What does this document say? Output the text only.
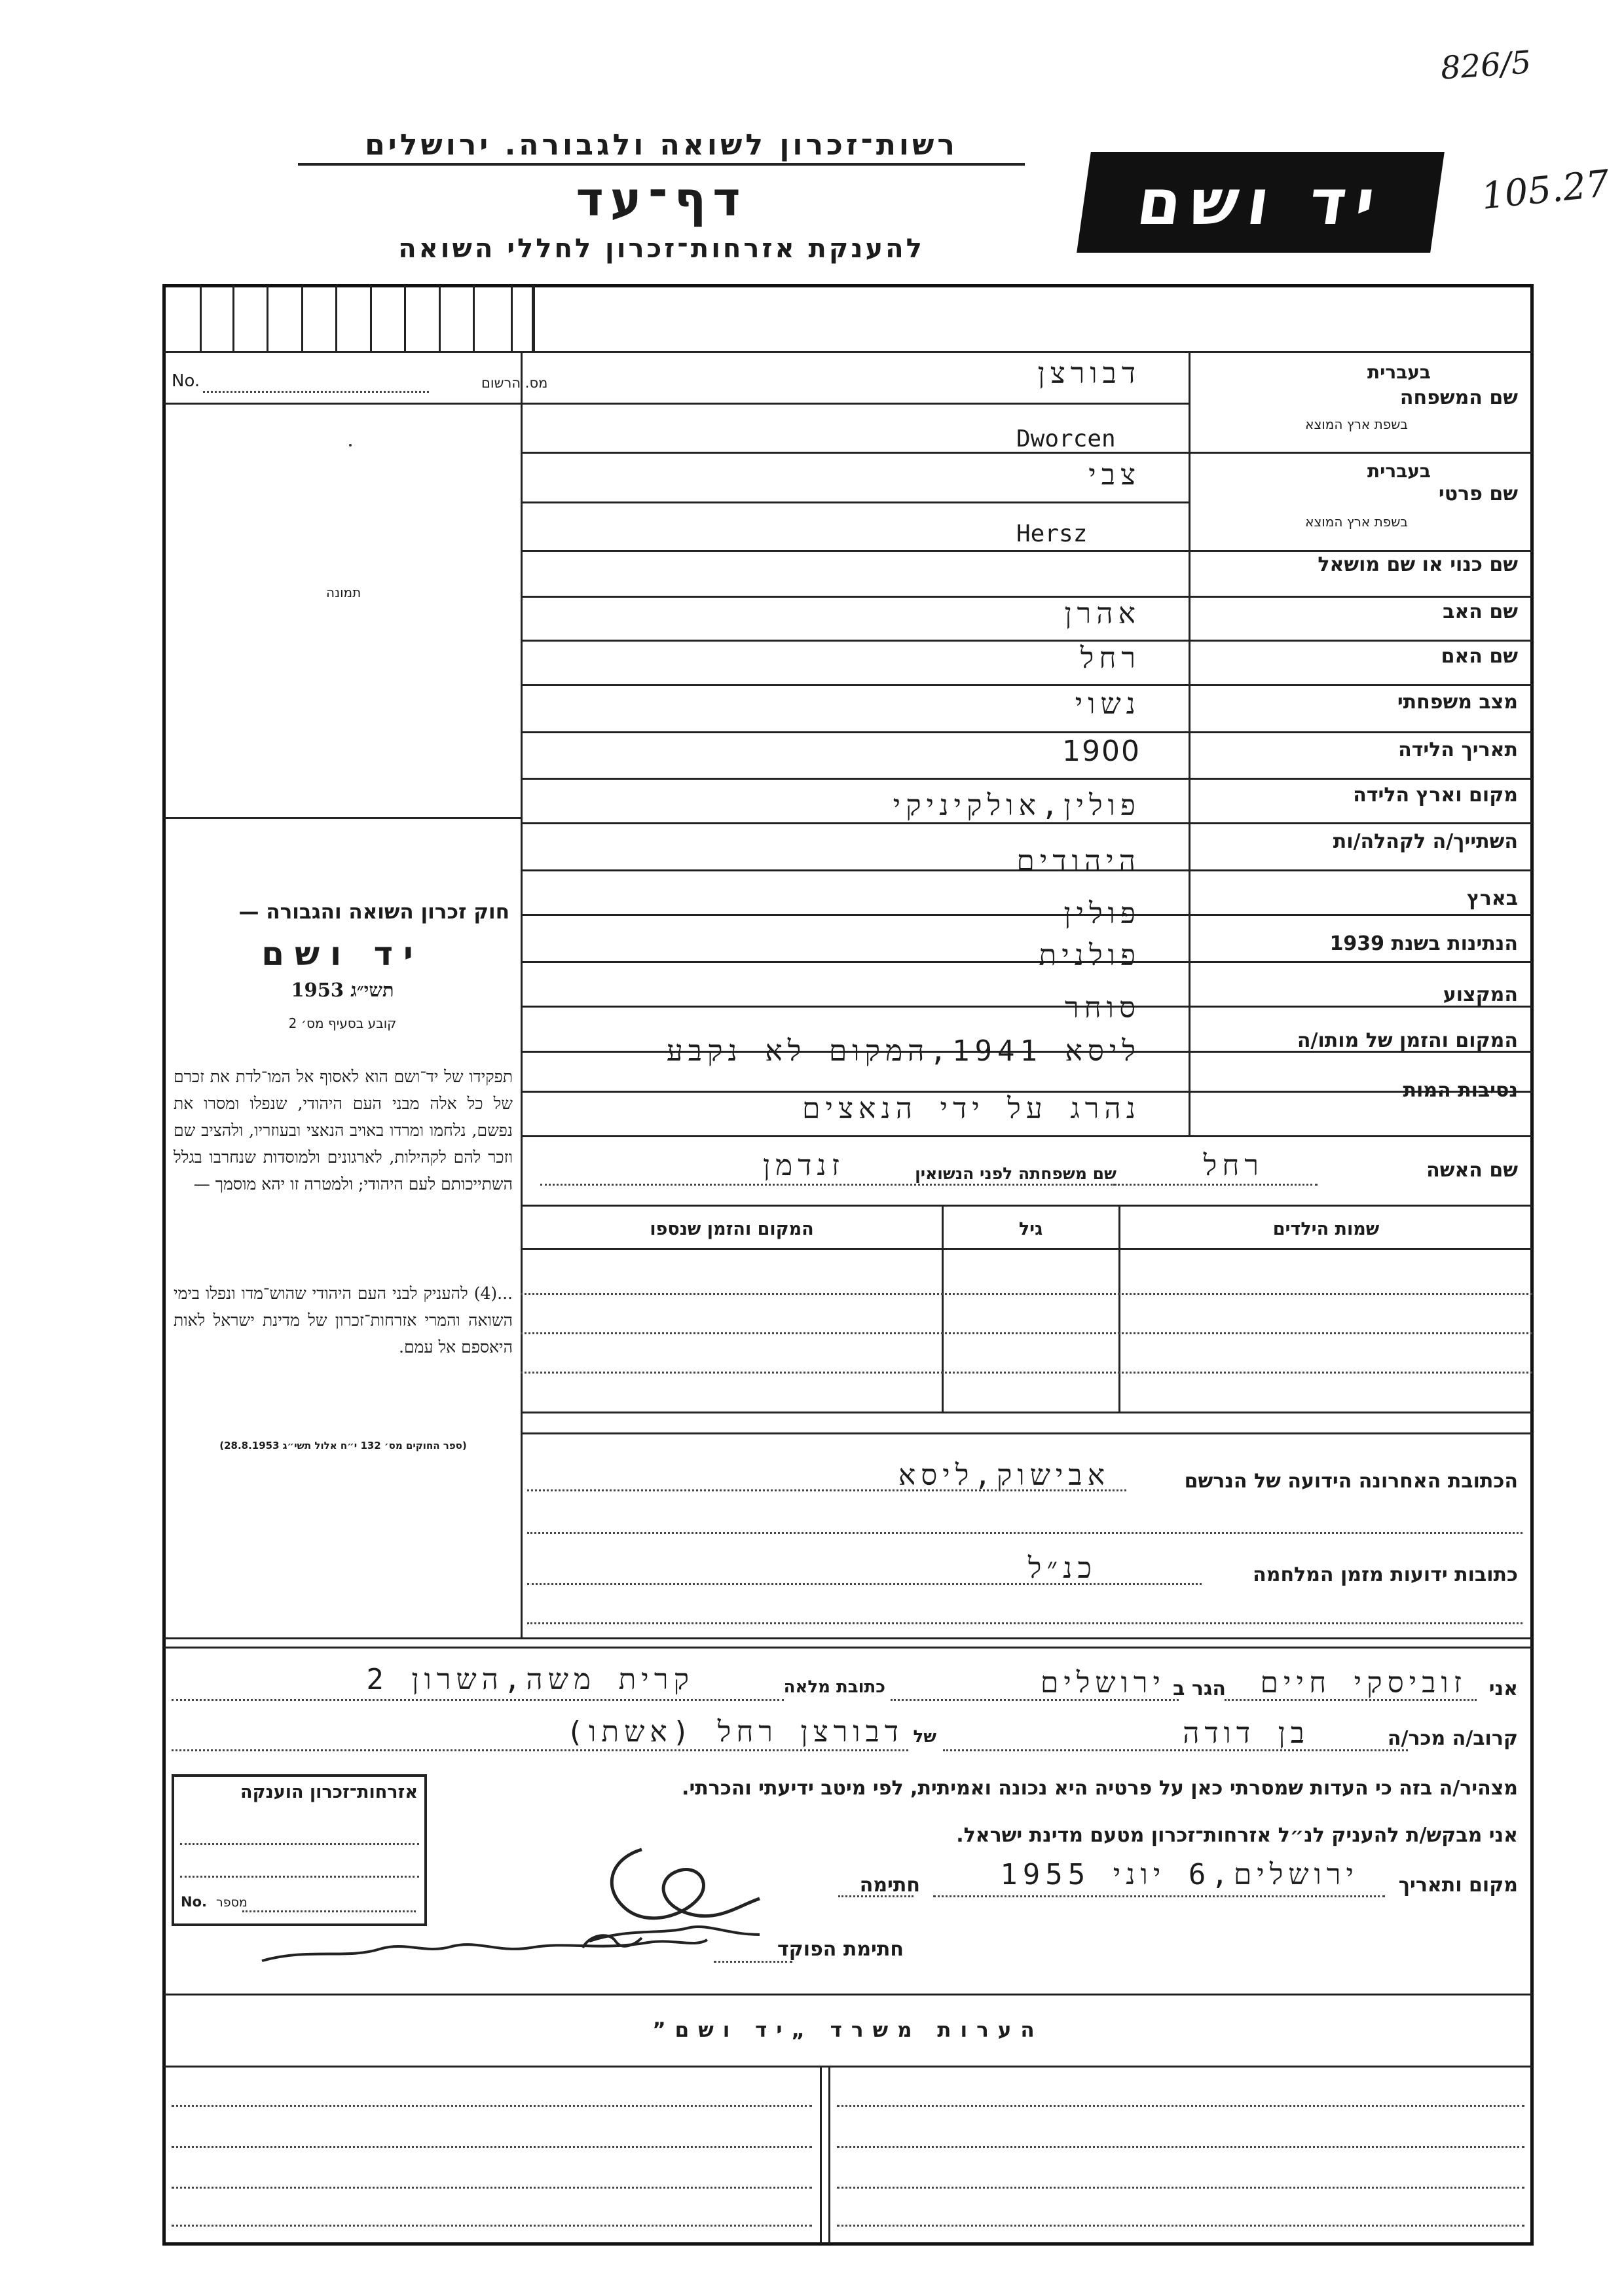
826/5
105.27
רשות־זכרון לשואה ולגבורה. ירושלים
דף־עד
להענקת אזרחות־זכרון לחללי השואה
יד ושם
מס. הרשום
No.
תמונה
חוק זכרון השואה והגבורה —
יד ושם
תשי״ג 1953
קובע בסעיף מס׳ 2
תפקידו של יד־ושם הוא לאסוף אל המו־לדת את זכרם של כל אלה מבני העם היהודי, שנפלו ומסרו את נפשם, נלחמו ומרדו באויב הנאצי ובעוזריו, ולהציב שם וזכר להם לקהילות, לארגונים ולמוסדות שנחרבו בגלל השתייכותם לעם היהודי; ולמטרה זו יהא מוסמך —
...(4) להעניק לבני העם היהודי שהוש־מדו ונפלו בימי השואה והמרי אזרחות־זכרון של מדינת ישראל לאות היאספם אל עמם.
(ספר החוקים מס׳ 132 י״ח אלול תשי״ג 28.8.1953)
שם המשפחה
בעברית
בשפת ארץ המוצא
דבורצן
Dworcen
שם פרטי
בעברית
בשפת ארץ המוצא
צבי
Hersz
שם כנוי או שם מושאל
שם האב
אהרן
שם האם
רחל
מצב משפחתי
נשוי
תאריך הלידה
1900
מקום וארץ הלידה
פולין,אולקיניקי
השתייך/ה לקהלה/ות
היהודים
בארץ
פולין
הנתינות בשנת 1939
פולנית
המקצוע
סוחר
המקום והזמן של מותו/ה
ליסא 1941,המקום לא נקבע
נסיבות המות
נהרג על ידי הנאצים
שם האשה
רחל
שם משפחתה לפני הנשואין
זנדמן
שמות הילדים
גיל
המקום והזמן שנספו
הכתובת האחרונה הידועה של הנרשם
אבישוק,ליסא
כתובות ידועות מזמן המלחמה
כנ״ל
אני
זוביסקי חיים
הגר ב
ירושלים
כתובת מלאה
קרית משה,השרון 2
קרוב/ה מכר/ה
בן דודה
של
דבורצן רחל (אשתו)
מצהיר/ה בזה כי העדות שמסרתי כאן על פרטיה היא נכונה ואמיתית, לפי מיטב ידיעתי והכרתי.
אני מבקש/ת להעניק לנ״ל אזרחות־זכרון מטעם מדינת ישראל.
מקום ותאריך
ירושלים,6 יוני 1955
חתימה
חתימת הפוקד
אזרחות־זכרון הוענקה
No. מספר
הערות משרד „יד ושם”
